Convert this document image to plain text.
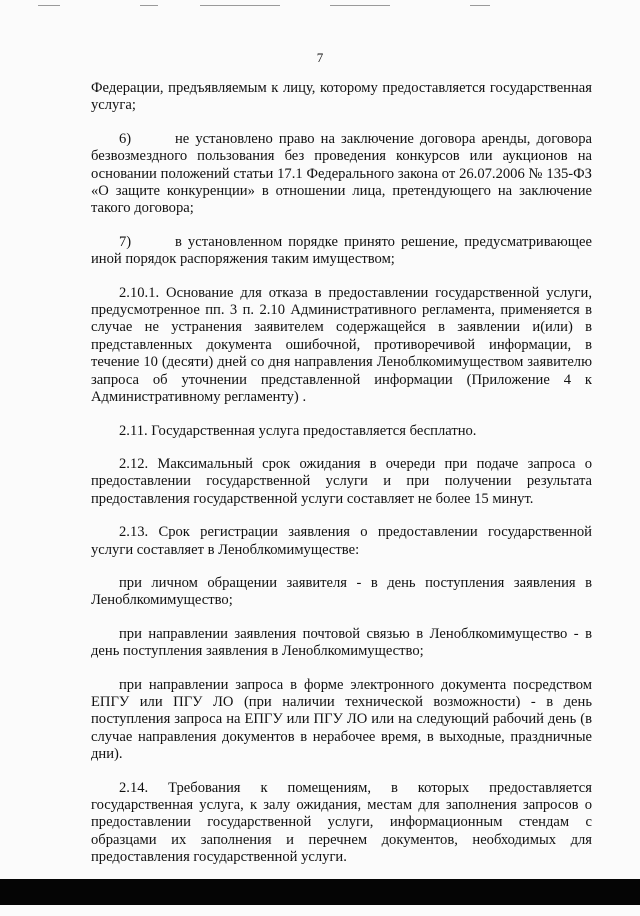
7

Федерации, предъявляемым к лицу, которому предоставляется государственная услуга;

6)	не установлено право на заключение договора аренды, договора безвозмездного пользования без проведения конкурсов или аукционов на основании положений статьи 17.1 Федерального закона от 26.07.2006 № 135-ФЗ «О защите конкуренции» в отношении лица, претендующего на заключение такого договора;

7)	в установленном порядке принято решение, предусматривающее иной порядок распоряжения таким имуществом;

2.10.1. Основание для отказа в предоставлении государственной услуги, предусмотренное пп. 3 п. 2.10 Административного регламента, применяется в случае не устранения заявителем содержащейся в заявлении и(или) в представленных документа ошибочной, противоречивой информации, в течение 10 (десяти) дней со дня направления Леноблкомимуществом заявителю запроса об уточнении представленной информации (Приложение 4 к Административному регламенту) .

2.11. Государственная услуга предоставляется бесплатно.

2.12. Максимальный срок ожидания в очереди при подаче запроса о предоставлении государственной услуги и при получении результата предоставления государственной услуги составляет не более 15 минут.

2.13. Срок регистрации заявления о предоставлении государственной услуги составляет в Леноблкомимуществе:

при личном обращении заявителя - в день поступления заявления в Леноблкомимущество;

при направлении заявления почтовой связью в Леноблкомимущество - в день поступления заявления в Леноблкомимущество;

при направлении запроса в форме электронного документа посредством ЕПГУ или ПГУ ЛО (при наличии технической возможности) - в день поступления запроса на ЕПГУ или ПГУ ЛО или на следующий рабочий день (в случае направления документов в нерабочее время, в выходные, праздничные дни).

2.14. Требования к помещениям, в которых предоставляется государственная услуга, к залу ожидания, местам для заполнения запросов о предоставлении государственной услуги, информационным стендам с образцами их заполнения и перечнем документов, необходимых для предоставления государственной услуги.
